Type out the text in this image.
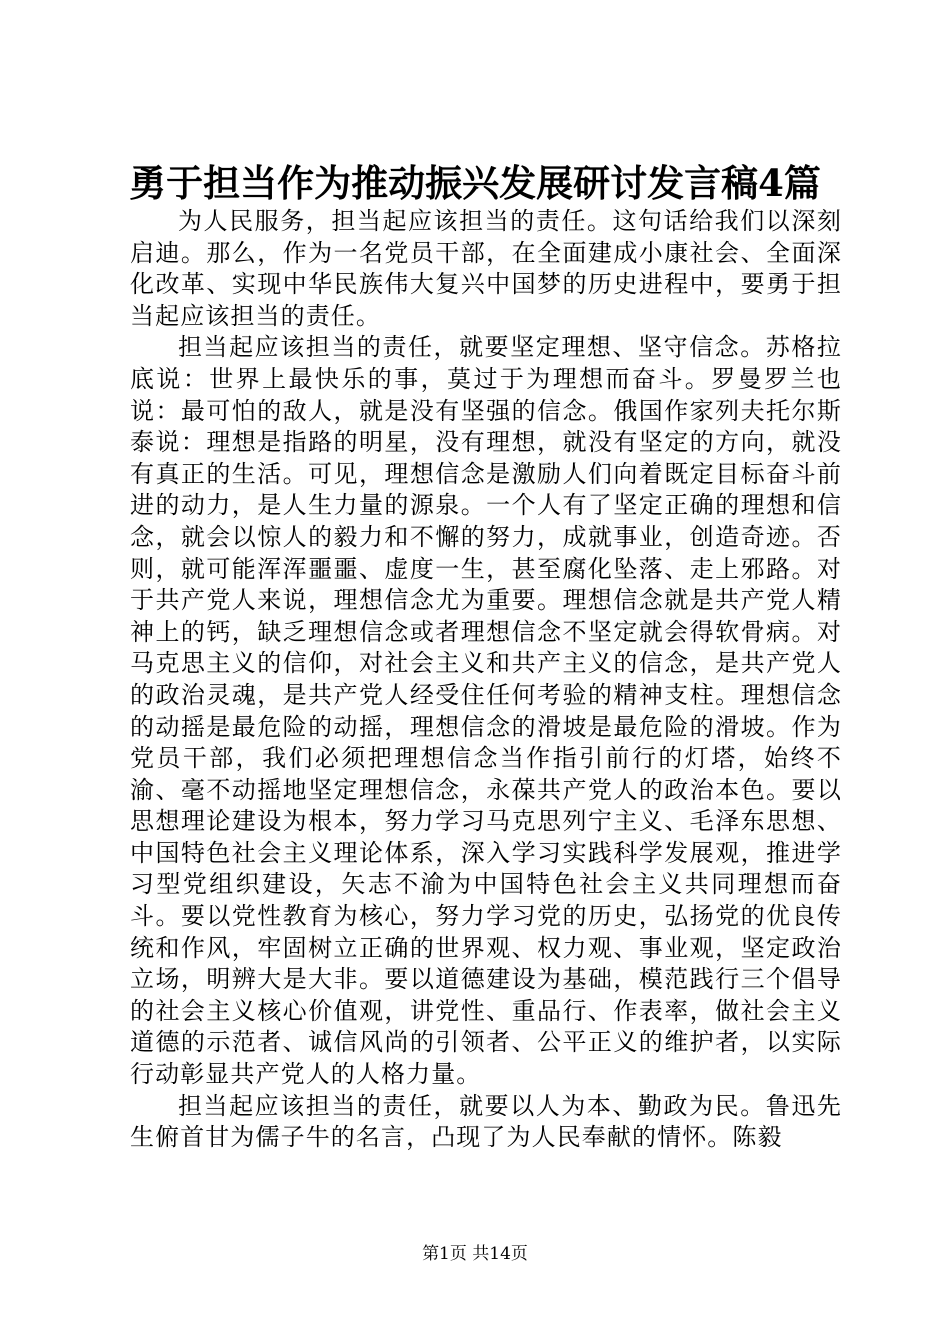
勇于担当作为推动振兴发展研讨发言稿4篇

为人民服务，担当起应该担当的责任。这句话给我们以深刻启迪。那么，作为一名党员干部，在全面建成小康社会、全面深化改革、实现中华民族伟大复兴中国梦的历史进程中，要勇于担当起应该担当的责任。

担当起应该担当的责任，就要坚定理想、坚守信念。苏格拉底说：世界上最快乐的事，莫过于为理想而奋斗。罗曼罗兰也说：最可怕的敌人，就是没有坚强的信念。俄国作家列夫托尔斯泰说：理想是指路的明星，没有理想，就没有坚定的方向，就没有真正的生活。可见，理想信念是激励人们向着既定目标奋斗前进的动力，是人生力量的源泉。一个人有了坚定正确的理想和信念，就会以惊人的毅力和不懈的努力，成就事业，创造奇迹。否则，就可能浑浑噩噩、虚度一生，甚至腐化坠落、走上邪路。对于共产党人来说，理想信念尤为重要。理想信念就是共产党人精神上的钙，缺乏理想信念或者理想信念不坚定就会得软骨病。对马克思主义的信仰，对社会主义和共产主义的信念，是共产党人的政治灵魂，是共产党人经受住任何考验的精神支柱。理想信念的动摇是最危险的动摇，理想信念的滑坡是最危险的滑坡。作为党员干部，我们必须把理想信念当作指引前行的灯塔，始终不渝、毫不动摇地坚定理想信念，永葆共产党人的政治本色。要以思想理论建设为根本，努力学习马克思列宁主义、毛泽东思想、中国特色社会主义理论体系，深入学习实践科学发展观，推进学习型党组织建设，矢志不渝为中国特色社会主义共同理想而奋斗。要以党性教育为核心，努力学习党的历史，弘扬党的优良传统和作风，牢固树立正确的世界观、权力观、事业观，坚定政治立场，明辨大是大非。要以道德建设为基础，模范践行三个倡导的社会主义核心价值观，讲党性、重品行、作表率，做社会主义道德的示范者、诚信风尚的引领者、公平正义的维护者，以实际行动彰显共产党人的人格力量。

担当起应该担当的责任，就要以人为本、勤政为民。鲁迅先生俯首甘为儒子牛的名言，凸现了为人民奉献的情怀。陈毅

第1页 共14页
